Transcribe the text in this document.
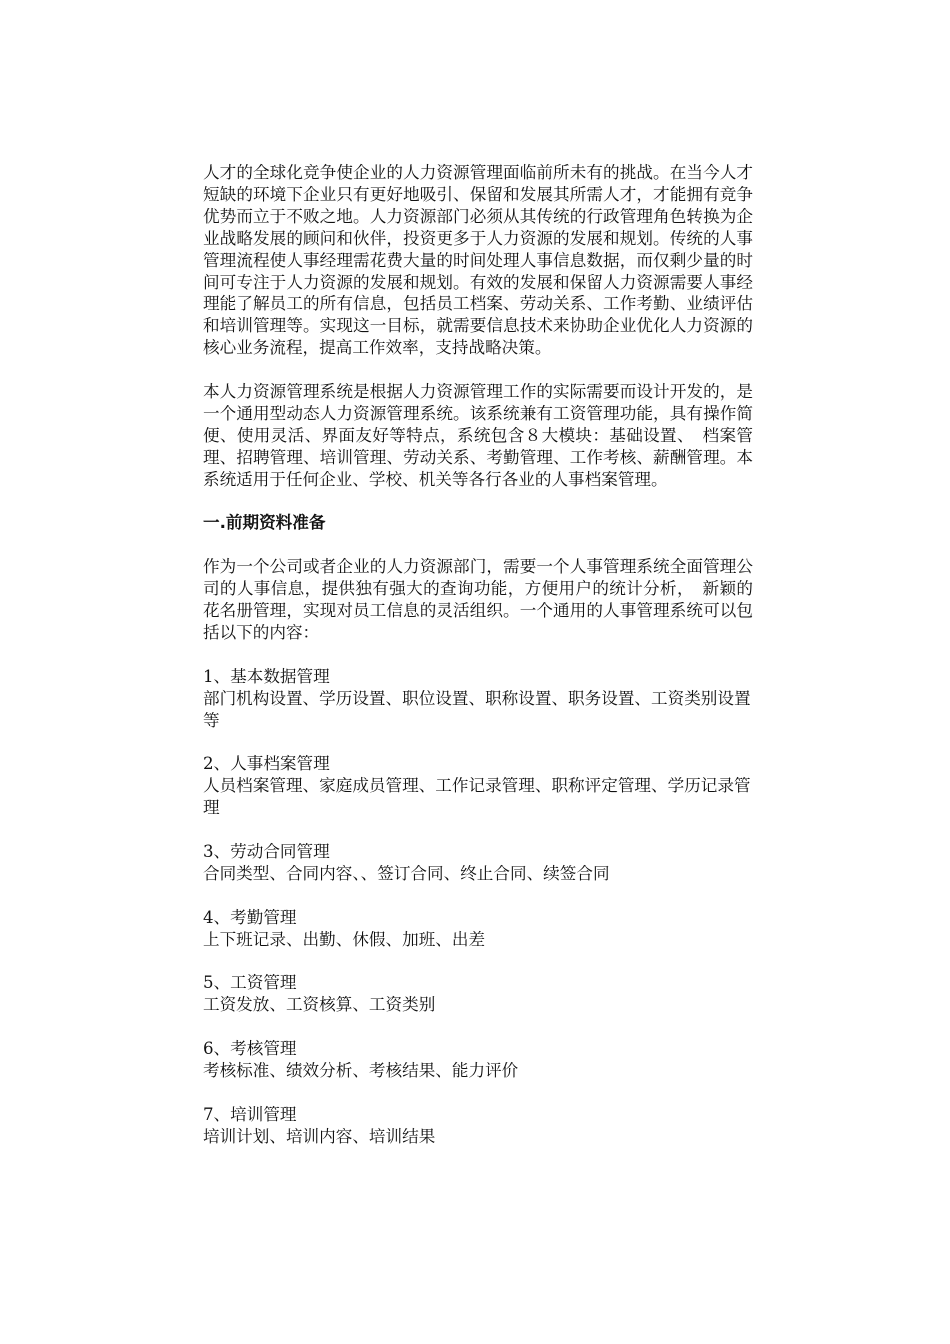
人才的全球化竞争使企业的人力资源管理面临前所未有的挑战。在当今人才短缺的环境下企业只有更好地吸引、保留和发展其所需人才，才能拥有竞争优势而立于不败之地。人力资源部门必须从其传统的行政管理角色转换为企业战略发展的顾问和伙伴，投资更多于人力资源的发展和规划。传统的人事管理流程使人事经理需花费大量的时间处理人事信息数据，而仅剩少量的时间可专注于人力资源的发展和规划。有效的发展和保留人力资源需要人事经理能了解员工的所有信息，包括员工档案、劳动关系、工作考勤、业绩评估和培训管理等。实现这一目标，就需要信息技术来协助企业优化人力资源的核心业务流程，提高工作效率，支持战略决策。

本人力资源管理系统是根据人力资源管理工作的实际需要而设计开发的，是一个通用型动态人力资源管理系统。该系统兼有工资管理功能，具有操作简便、使用灵活、界面友好等特点，系统包含８大模块：基础设置、　档案管理、招聘管理、培训管理、劳动关系、考勤管理、工作考核、薪酬管理。本系统适用于任何企业、学校、机关等各行各业的人事档案管理。

一.前期资料准备

作为一个公司或者企业的人力资源部门，需要一个人事管理系统全面管理公司的人事信息，提供独有强大的查询功能，方便用户的统计分析，　新颖的花名册管理，实现对员工信息的灵活组织。一个通用的人事管理系统可以包括以下的内容：

1、基本数据管理
部门机构设置、学历设置、职位设置、职称设置、职务设置、工资类别设置等
2、人事档案管理
人员档案管理、家庭成员管理、工作记录管理、职称评定管理、学历记录管理
3、劳动合同管理
合同类型、合同内容、、签订合同、终止合同、续签合同
4、考勤管理
上下班记录、出勤、休假、加班、出差
5、工资管理
工资发放、工资核算、工资类别
6、考核管理
考核标准、绩效分析、考核结果、能力评价
7、培训管理
培训计划、培训内容、培训结果
